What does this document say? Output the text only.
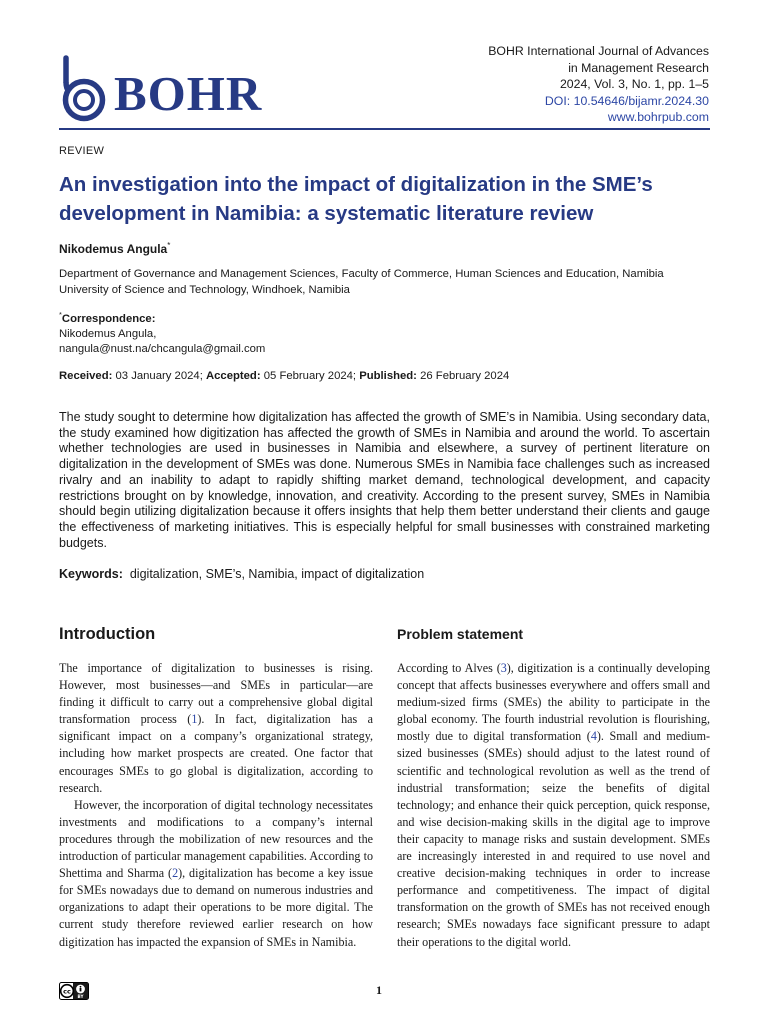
BOHR
BOHR International Journal of Advances
in Management Research
2024, Vol. 3, No. 1, pp. 1–5
DOI: 10.54646/bijamr.2024.30
www.bohrpub.com
REVIEW
An investigation into the impact of digitalization in the SME’s development in Namibia: a systematic literature review
Nikodemus Angula*
Department of Governance and Management Sciences, Faculty of Commerce, Human Sciences and Education, Namibia
University of Science and Technology, Windhoek, Namibia
*Correspondence:
Nikodemus Angula,
nangula@nust.na/chcangula@gmail.com
Received: 03 January 2024; Accepted: 05 February 2024; Published: 26 February 2024

The study sought to determine how digitalization has affected the growth of SME’s in Namibia. Using secondary data, the study examined how digitization has affected the growth of SMEs in Namibia and around the world. To ascertain whether technologies are used in businesses in Namibia and elsewhere, a survey of pertinent literature on digitalization in the development of SMEs was done. Numerous SMEs in Namibia face challenges such as increased rivalry and an inability to adapt to rapidly shifting market demand, technological development, and capacity restrictions brought on by knowledge, innovation, and creativity. According to the present survey, SMEs in Namibia should begin utilizing digitalization because it offers insights that help them better understand their clients and gauge the effectiveness of marketing initiatives. This is especially helpful for small businesses with constrained marketing budgets.

Keywords: digitalization, SME’s, Namibia, impact of digitalization
Introduction	Problem statement

The importance of digitalization to businesses is rising. However, most businesses—and SMEs in particular—are finding it difficult to carry out a comprehensive global digital transformation process (1). In fact, digitalization has a significant impact on a company’s organizational strategy, including how market prospects are created. One factor that encourages SMEs to go global is digitalization, according to research.

However, the incorporation of digital technology necessitates investments and modifications to a company’s internal procedures through the mobilization of new resources and the introduction of particular management capabilities. According to Shettima and Sharma (2), digitalization has become a key issue for SMEs nowadays due to demand on numerous industries and organizations to adapt their operations to be more digital. The current study therefore reviewed earlier research on how digitization has impacted the expansion of SMEs in Namibia.

According to Alves (3), digitization is a continually developing concept that affects businesses everywhere and offers small and medium-sized firms (SMEs) the ability to participate in the global economy. The fourth industrial revolution is flourishing, mostly due to digital transformation (4). Small and medium-sized businesses (SMEs) should adjust to the latest round of scientific and technological revolution as well as the trend of industrial transformation; seize the benefits of digital technology; and enhance their quick perception, quick response, and wise decision-making skills in the digital age to improve their capacity to manage risks and sustain development. SMEs are increasingly interested in and required to use novel and creative decision-making techniques in order to increase performance and competitiveness. The impact of digital transformation on the growth of SMEs has not received enough research; SMEs nowadays face significant pressure to adapt their operations to the digital world.

cc
BY	1
